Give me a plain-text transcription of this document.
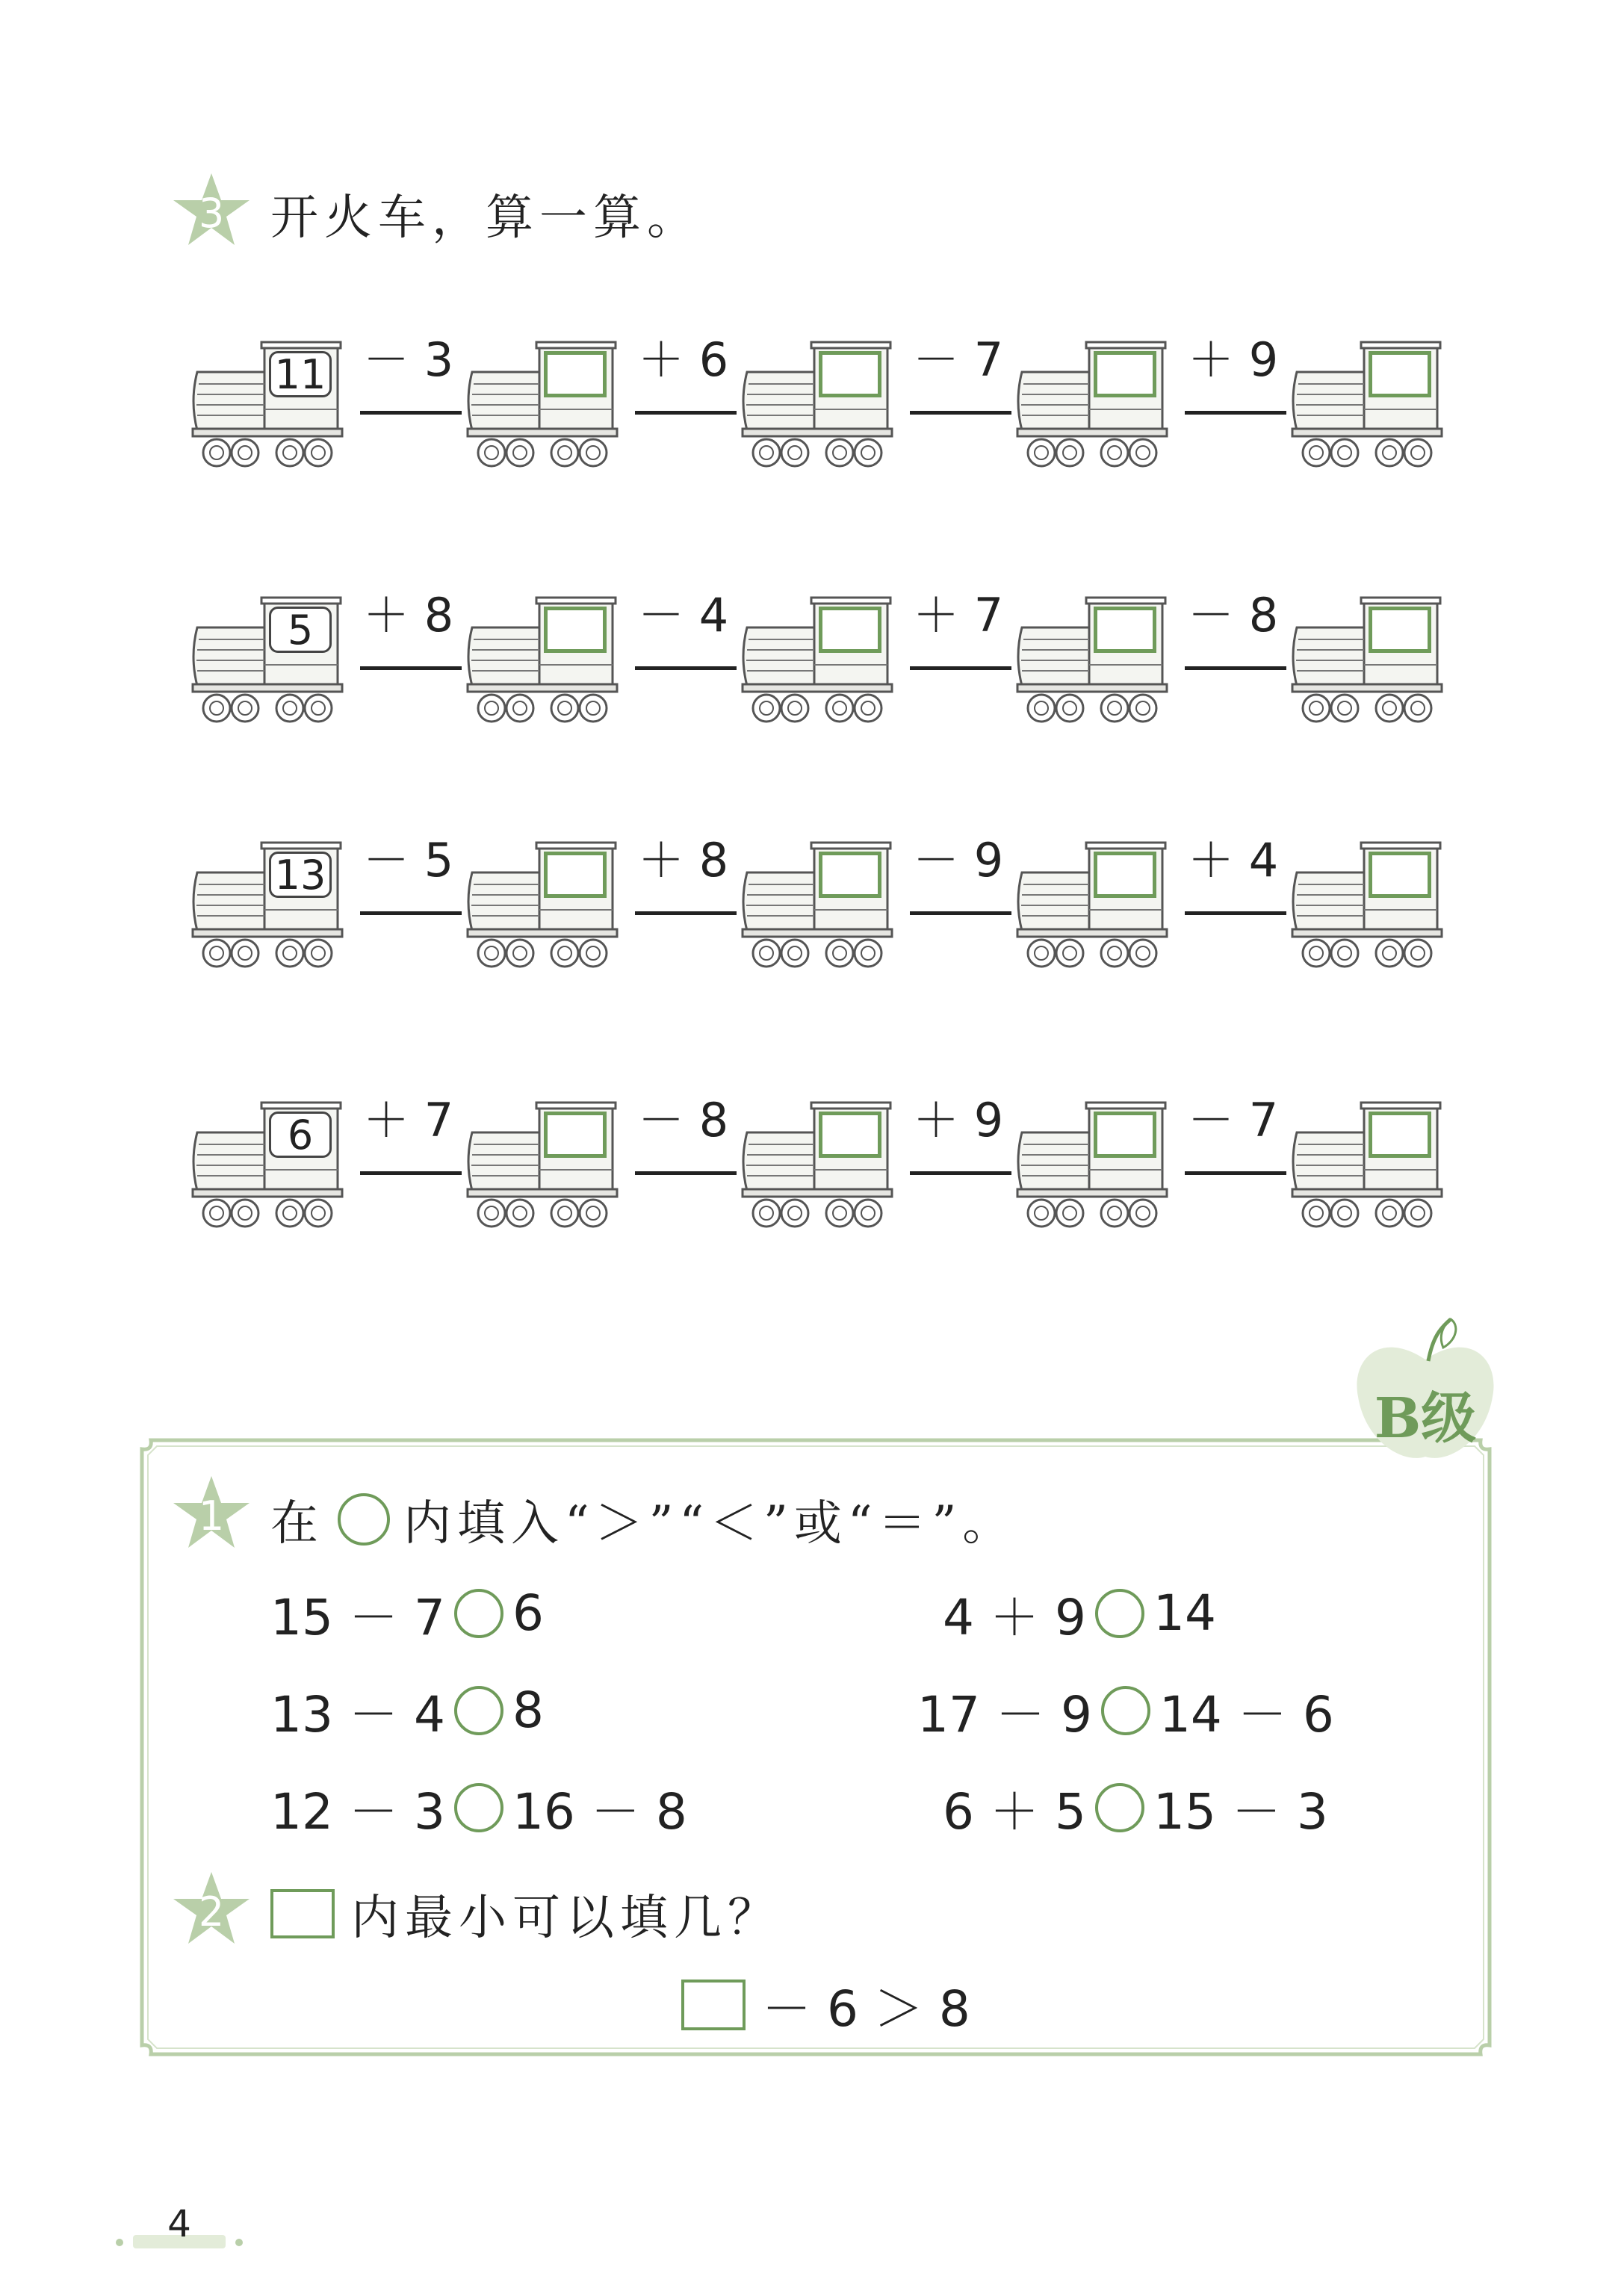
3 开火车，算一算。
11 － 3	＋ 6	－ 7	＋ 9
5	＋ 8	－ 4	＋ 7	－ 8
13 － 5	＋ 8	－ 9	＋ 4
6	＋ 7	－ 8	＋ 9	－ 7
B级
1 在 内填入“＞”“＜”或“＝”。
15 － 7 6	4 ＋ 9 14
13 － 4 8	17 － 9 14 － 6
12 － 3 16 － 8	6 ＋ 5 15 － 3
2	内最小可以填几？
－ 6 ＞ 8
4
